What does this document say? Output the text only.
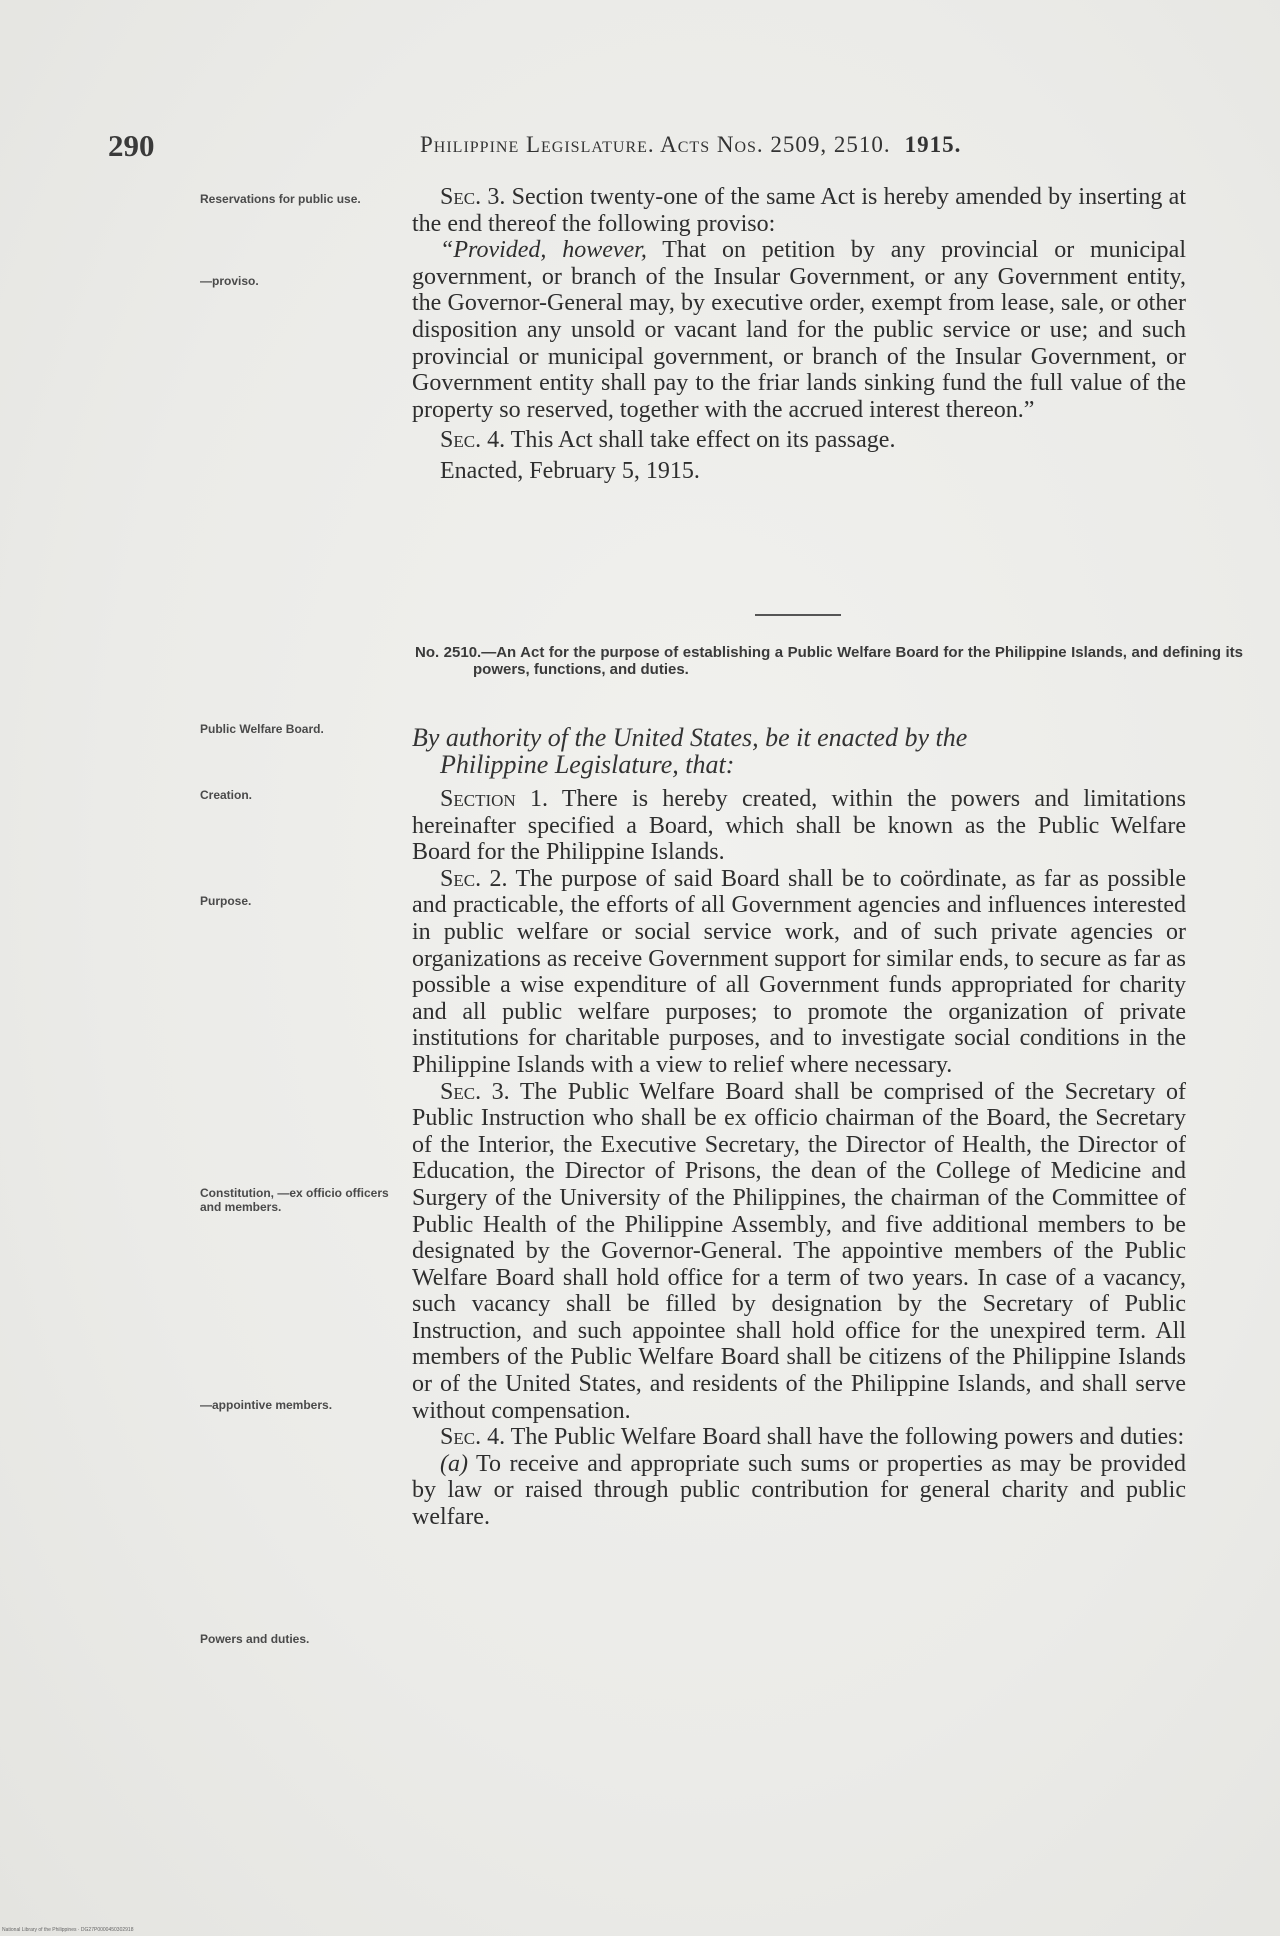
290	Philippine Legislature. Acts Nos. 2509, 2510. 1915.
Reservations for public use.
—proviso.
Public Welfare Board.
Creation.
Purpose.
Constitution, —ex officio officers and members.
—appointive members.
Powers and duties.
Sec. 3. Section twenty-one of the same Act is hereby amended by inserting at the end thereof the following proviso:
“Provided, however, That on petition by any provincial or municipal government, or branch of the Insular Government, or any Government entity, the Governor-General may, by executive order, exempt from lease, sale, or other disposition any unsold or vacant land for the public service or use; and such provincial or municipal government, or branch of the Insular Government, or Government entity shall pay to the friar lands sinking fund the full value of the property so reserved, together with the accrued interest thereon.”
Sec. 4. This Act shall take effect on its passage.
Enacted, February 5, 1915.
No. 2510.—An Act for the purpose of establishing a Public Welfare Board for the Philippine Islands, and defining its powers, functions, and duties.
By authority of the United States, be it enacted by the
Philippine Legislature, that:
Section 1. There is hereby created, within the powers and limitations hereinafter specified a Board, which shall be known as the Public Welfare Board for the Philippine Islands.
Sec. 2. The purpose of said Board shall be to coördinate, as far as possible and practicable, the efforts of all Government agencies and influences interested in public welfare or social service work, and of such private agencies or organizations as receive Government support for similar ends, to secure as far as possible a wise expenditure of all Government funds appropriated for charity and all public welfare purposes; to promote the organization of private institutions for charitable purposes, and to investigate social conditions in the Philippine Islands with a view to relief where necessary.
Sec. 3. The Public Welfare Board shall be comprised of the Secretary of Public Instruction who shall be ex officio chairman of the Board, the Secretary of the Interior, the Executive Secretary, the Director of Health, the Director of Education, the Director of Prisons, the dean of the College of Medicine and Surgery of the University of the Philippines, the chairman of the Committee of Public Health of the Philippine Assembly, and five additional members to be designated by the Governor-General. The appointive members of the Public Welfare Board shall hold office for a term of two years. In case of a vacancy, such vacancy shall be filled by designation by the Secretary of Public Instruction, and such appointee shall hold office for the unexpired term. All members of the Public Welfare Board shall be citizens of the Philippine Islands or of the United States, and residents of the Philippine Islands, and shall serve without compensation.
Sec. 4. The Public Welfare Board shall have the following powers and duties:
(a) To receive and appropriate such sums or properties as may be provided by law or raised through public contribution for general charity and public welfare.
National Library of the Philippines · DG27P0000450302918
